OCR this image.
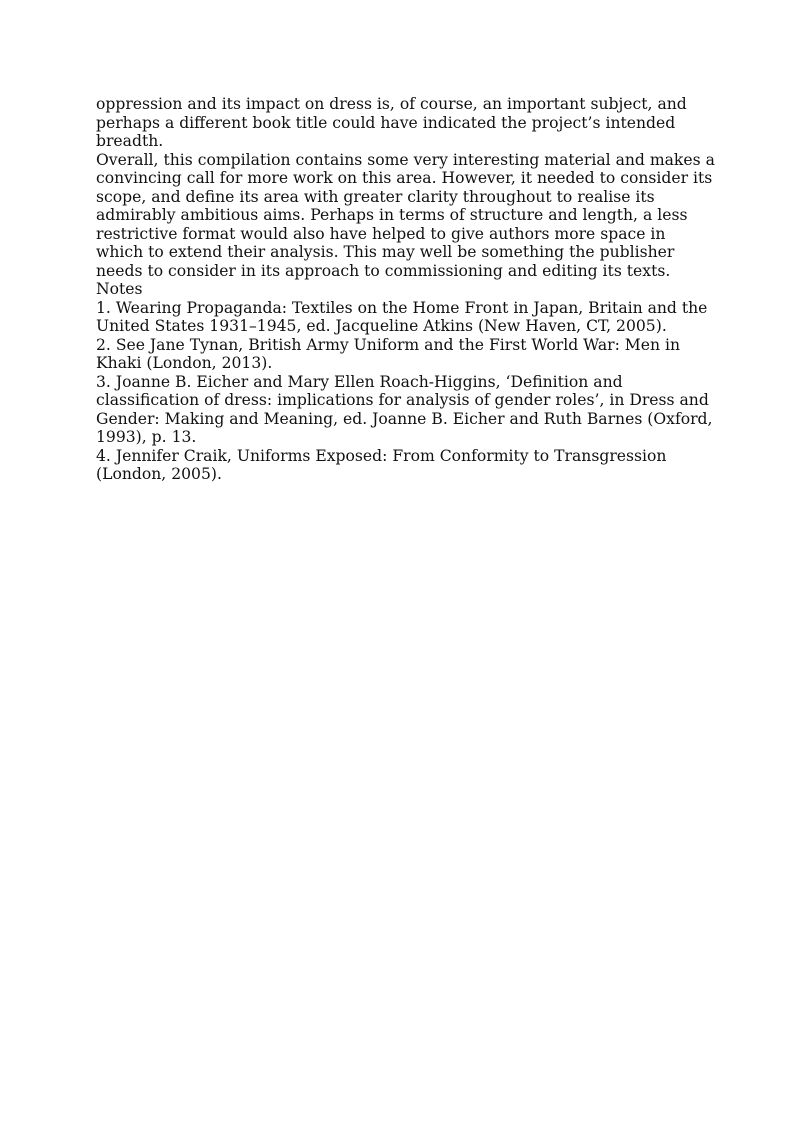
oppression and its impact on dress is, of course, an important subject, and perhaps a different book title could have indicated the project’s intended breadth.

Overall, this compilation contains some very interesting material and makes a convincing call for more work on this area. However, it needed to consider its scope, and define its area with greater clarity throughout to realise its admirably ambitious aims. Perhaps in terms of structure and length, a less restrictive format would also have helped to give authors more space in which to extend their analysis. This may well be something the publisher needs to consider in its approach to commissioning and editing its texts.

Notes

1. Wearing Propaganda: Textiles on the Home Front in Japan, Britain and the United States 1931–1945, ed. Jacqueline Atkins (New Haven, CT, 2005).

2. See Jane Tynan, British Army Uniform and the First World War: Men in Khaki (London, 2013).

3. Joanne B. Eicher and Mary Ellen Roach-Higgins, ‘Definition and classification of dress: implications for analysis of gender roles’, in Dress and Gender: Making and Meaning, ed. Joanne B. Eicher and Ruth Barnes (Oxford, 1993), p. 13.

4. Jennifer Craik, Uniforms Exposed: From Conformity to Transgression (London, 2005).
